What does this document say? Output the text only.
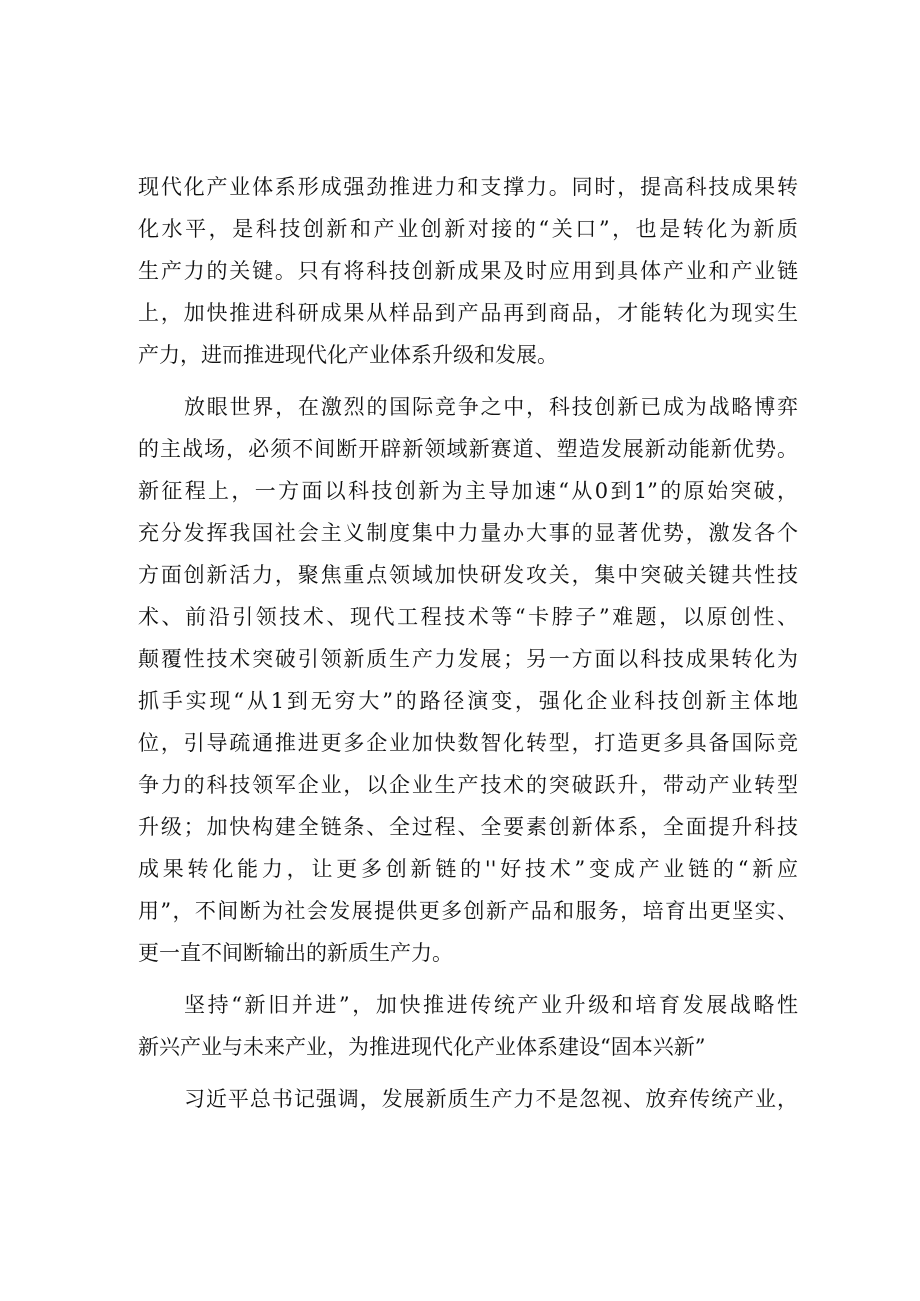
现代化产业体系形成强劲推进力和支撑力。同时，提高科技成果转
化水平，是科技创新和产业创新对接的“关口”，也是转化为新质
生产力的关键。只有将科技创新成果及时应用到具体产业和产业链
上，加快推进科研成果从样品到产品再到商品，才能转化为现实生
产力，进而推进现代化产业体系升级和发展。
放眼世界，在激烈的国际竞争之中，科技创新已成为战略博弈
的主战场，必须不间断开辟新领域新赛道、塑造发展新动能新优势。
新征程上，一方面以科技创新为主导加速“从0到1”的原始突破，
充分发挥我国社会主义制度集中力量办大事的显著优势，激发各个
方面创新活力，聚焦重点领域加快研发攻关，集中突破关键共性技
术、前沿引领技术、现代工程技术等“卡脖子”难题，以原创性、
颠覆性技术突破引领新质生产力发展；另一方面以科技成果转化为
抓手实现“从1到无穷大”的路径演变，强化企业科技创新主体地
位，引导疏通推进更多企业加快数智化转型，打造更多具备国际竞
争力的科技领军企业，以企业生产技术的突破跃升，带动产业转型
升级；加快构建全链条、全过程、全要素创新体系，全面提升科技
成果转化能力，让更多创新链的''好技术”变成产业链的“新应
用”，不间断为社会发展提供更多创新产品和服务，培育出更坚实、
更一直不间断输出的新质生产力。
坚持“新旧并进”，加快推进传统产业升级和培育发展战略性
新兴产业与未来产业，为推进现代化产业体系建设“固本兴新”
习近平总书记强调，发展新质生产力不是忽视、放弃传统产业，
